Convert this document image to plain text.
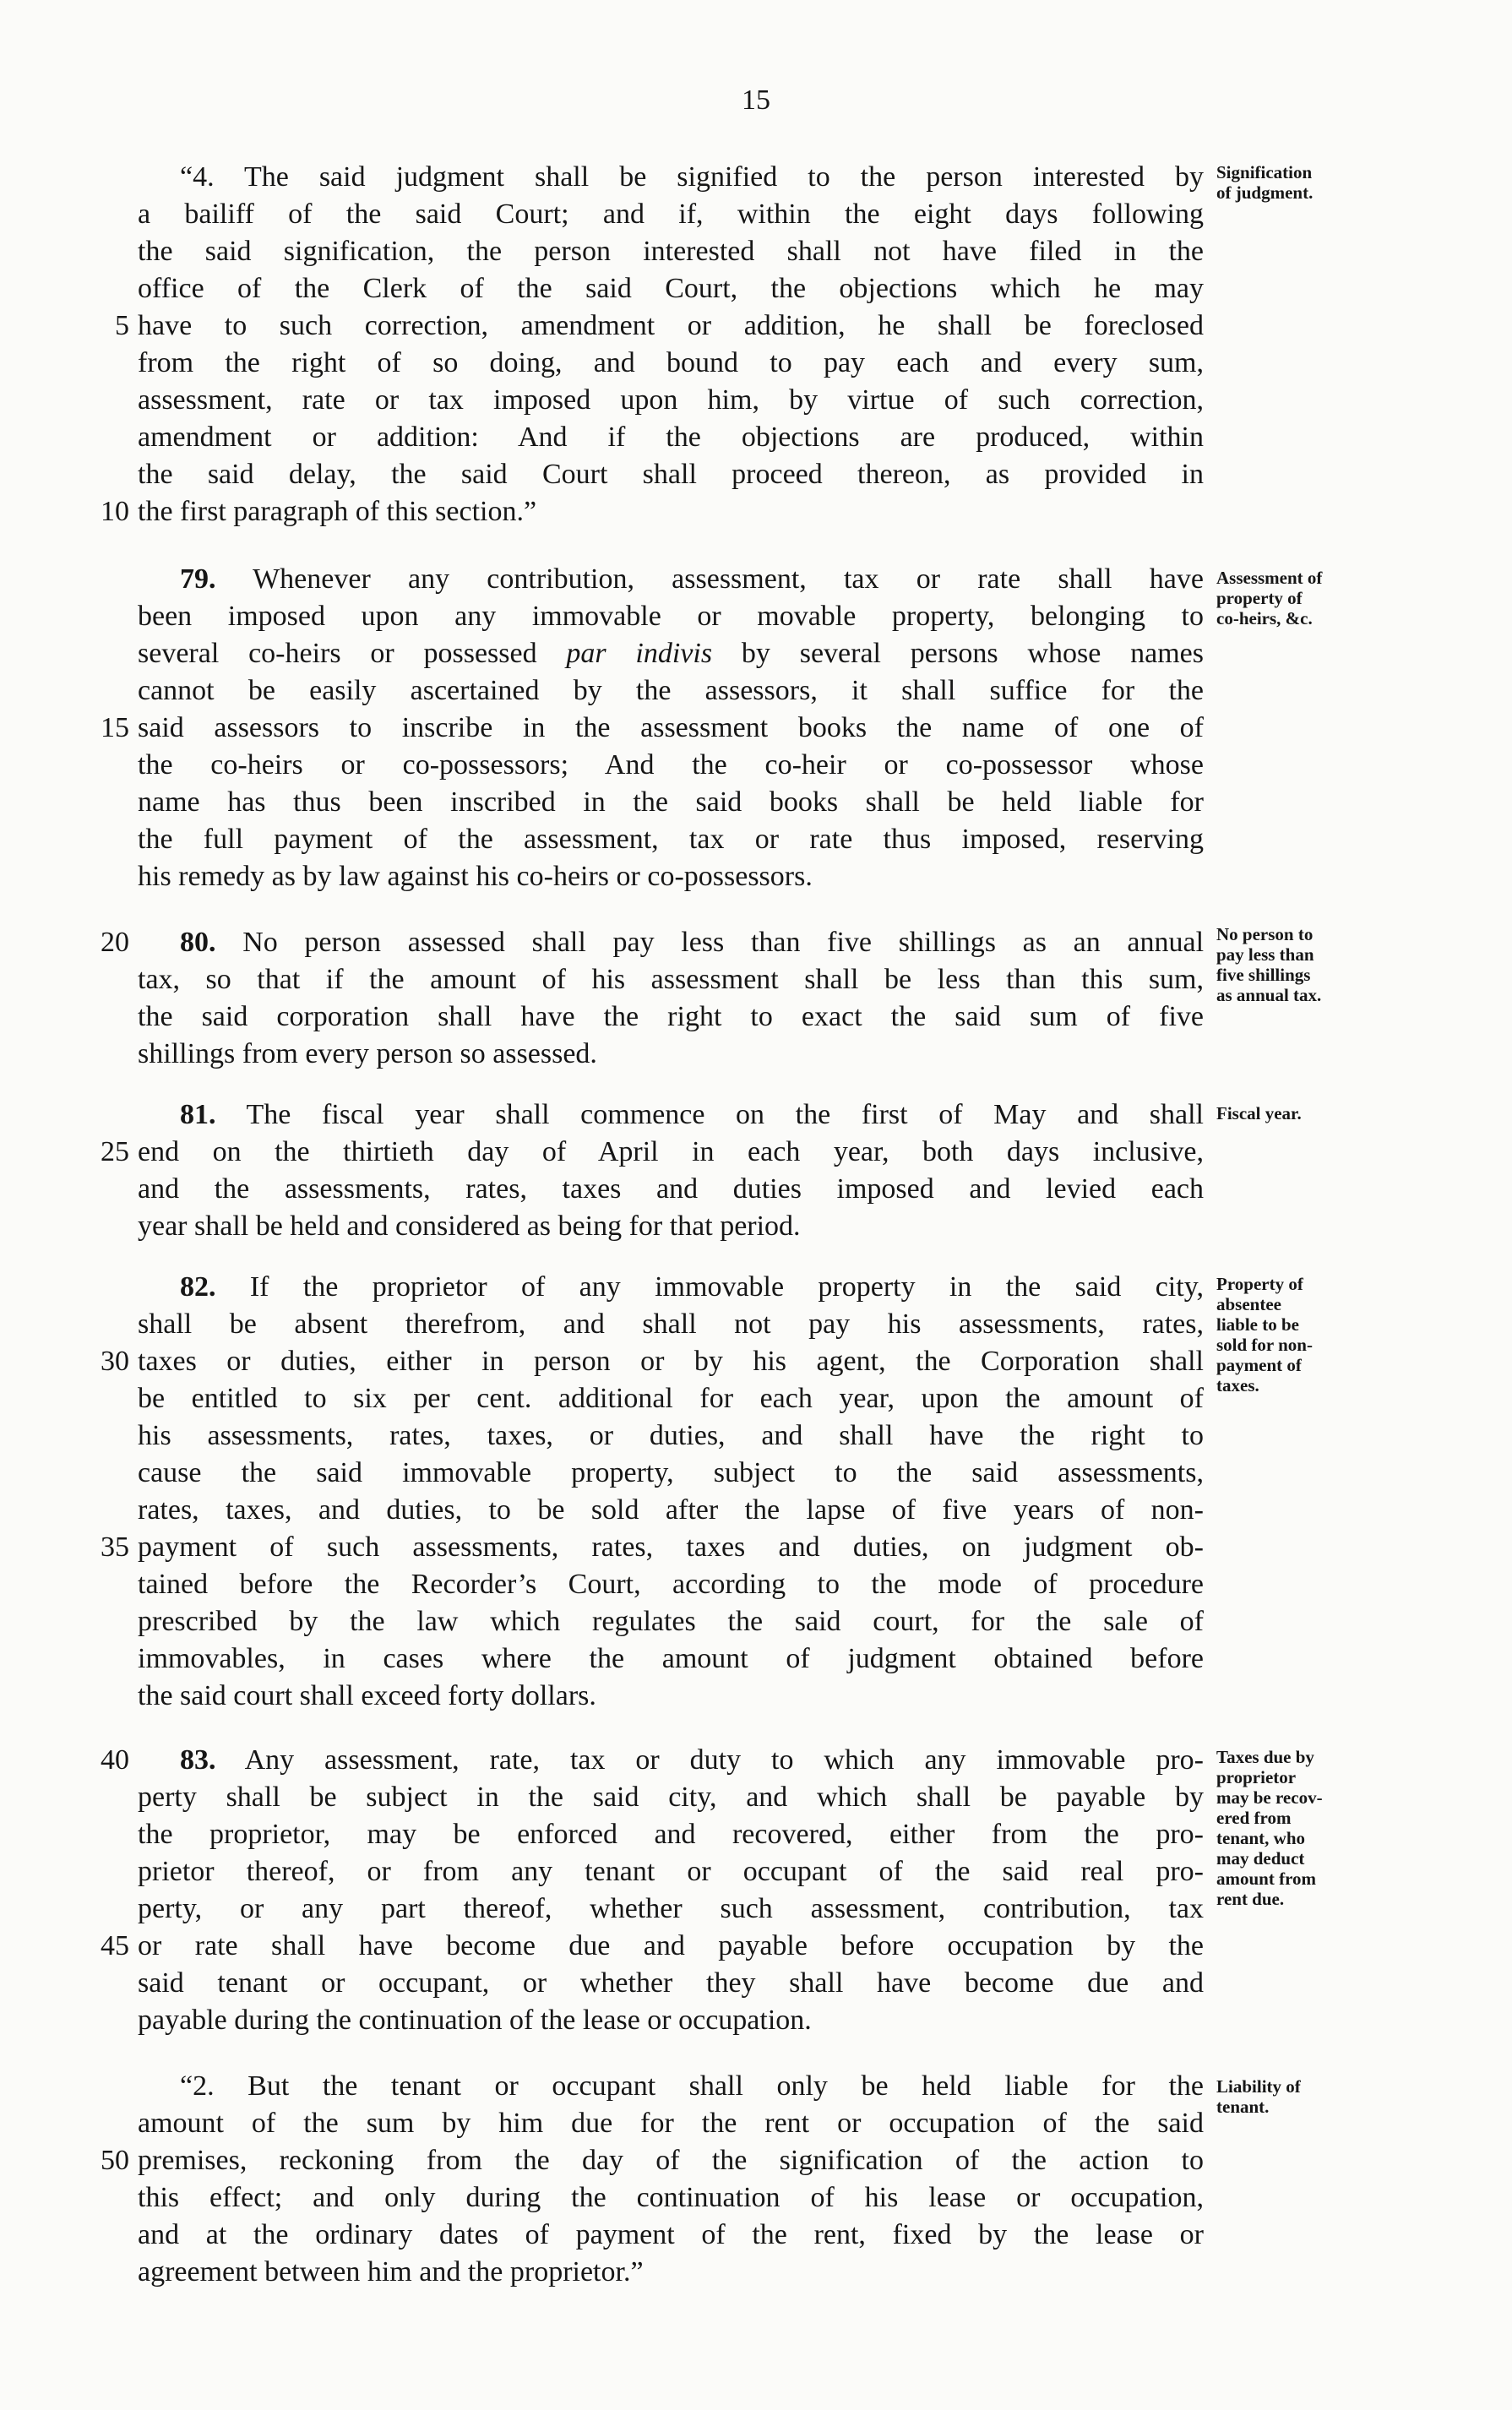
15
Signification
of judgment.
“4. The said judgment shall be signified to the person interested by
a bailiff of the said Court; and if, within the eight days following
the said signification, the person interested shall not have filed in the
office of the Clerk of the said Court, the objections which he may
have to such correction, amendment or addition, he shall be foreclosed
from the right of so doing, and bound to pay each and every sum,
assessment, rate or tax imposed upon him, by virtue of such correction,
amendment or addition: And if the objections are produced, within
the said delay, the said Court shall proceed thereon, as provided in
the first paragraph of this section.”
Assessment of
property of
co-heirs, &c.
79. Whenever any contribution, assessment, tax or rate shall have
been imposed upon any immovable or movable property, belonging to
several co-heirs or possessed par indivis by several persons whose names
cannot be easily ascertained by the assessors, it shall suffice for the
said assessors to inscribe in the assessment books the name of one of
the co-heirs or co-possessors; And the co-heir or co-possessor whose
name has thus been inscribed in the said books shall be held liable for
the full payment of the assessment, tax or rate thus imposed, reserving
his remedy as by law against his co-heirs or co-possessors.
No person to
pay less than
five shillings
as annual tax.
80. No person assessed shall pay less than five shillings as an annual
tax, so that if the amount of his assessment shall be less than this sum,
the said corporation shall have the right to exact the said sum of five
shillings from every person so assessed.
Fiscal year.
81. The fiscal year shall commence on the first of May and shall
end on the thirtieth day of April in each year, both days inclusive,
and the assessments, rates, taxes and duties imposed and levied each
year shall be held and considered as being for that period.
Property of
absentee
liable to be
sold for non-
payment of
taxes.
82. If the proprietor of any immovable property in the said city,
shall be absent therefrom, and shall not pay his assessments, rates,
taxes or duties, either in person or by his agent, the Corporation shall
be entitled to six per cent. additional for each year, upon the amount of
his assessments, rates, taxes, or duties, and shall have the right to
cause the said immovable property, subject to the said assessments,
rates, taxes, and duties, to be sold after the lapse of five years of non-
payment of such assessments, rates, taxes and duties, on judgment ob-
tained before the Recorder’s Court, according to the mode of procedure
prescribed by the law which regulates the said court, for the sale of
immovables, in cases where the amount of judgment obtained before
the said court shall exceed forty dollars.
Taxes due by
proprietor
may be recov-
ered from
tenant, who
may deduct
amount from
rent due.
83. Any assessment, rate, tax or duty to which any immovable pro-
perty shall be subject in the said city, and which shall be payable by
the proprietor, may be enforced and recovered, either from the pro-
prietor thereof, or from any tenant or occupant of the said real pro-
perty, or any part thereof, whether such assessment, contribution, tax
or rate shall have become due and payable before occupation by the
said tenant or occupant, or whether they shall have become due and
payable during the continuation of the lease or occupation.
Liability of
tenant.
“2. But the tenant or occupant shall only be held liable for the
amount of the sum by him due for the rent or occupation of the said
premises, reckoning from the day of the signification of the action to
this effect; and only during the continuation of his lease or occupation,
and at the ordinary dates of payment of the rent, fixed by the lease or
agreement between him and the proprietor.”
5
10
15
20
25
30
35
40
45
50
